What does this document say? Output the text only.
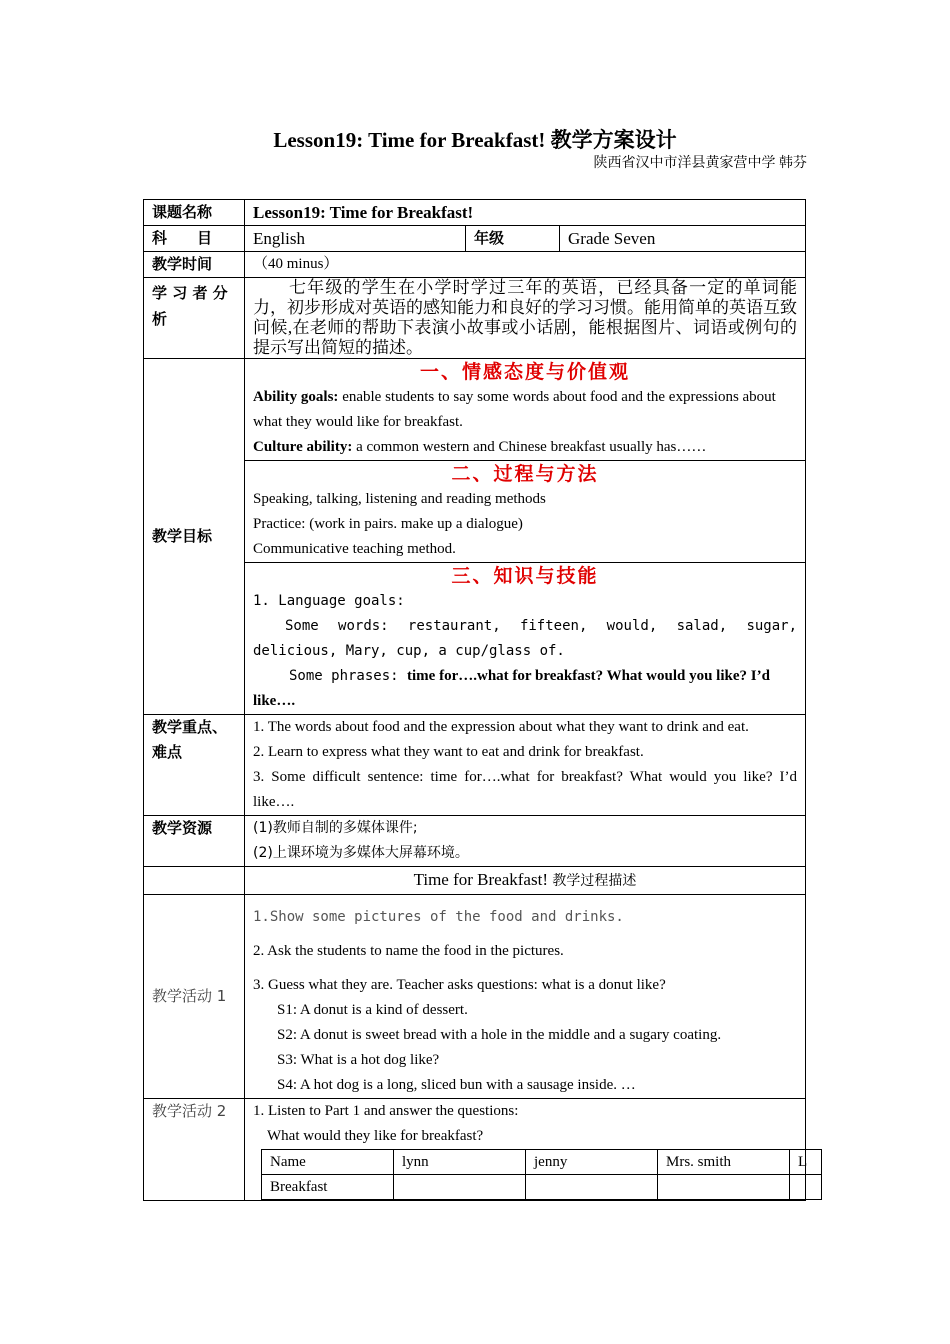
Lesson19: Time for Breakfast! 教学方案设计
陕西省汉中市洋县黄家营中学 韩芬
课题名称	Lesson19: Time for Breakfast!
科　　目	English	年级	Grade Seven
教学时间	（40 minus）
学 习 者 分 析	七年级的学生在小学时学过三年的英语，已经具备一定的单词能力，初步形成对英语的感知能力和良好的学习习惯。能用简单的英语互致问候,在老师的帮助下表演小故事或小话剧，能根据图片、词语或例句的提示写出简短的描述。
教学目标	
一、情感态度与价值观
Ability goals: enable students to say some words about food and the expressions about what they would like for breakfast.
Culture ability: a common western and Chinese breakfast usually has……

二、过程与方法
Speaking, talking, listening and reading methods
Practice: (work in pairs. make up a dialogue)
Communicative teaching method.

三、知识与技能
1. Language goals:
Some words: restaurant, fifteen, would, salad, sugar, delicious, Mary, cup, a cup/glass of.
Some phrases: time for….what for breakfast? What would you like? I’d like….

教学重点、难点	
1. The words about food and the expression about what they want to drink and eat.
2. Learn to express what they want to eat and drink for breakfast.
3. Some difficult sentence: time for….what for breakfast? What would you like? I’d like….

教学资源	(1)教师自制的多媒体课件;
(2)上课环境为多媒体大屏幕环境。

	Time for Breakfast! 教学过程描述
教学活动 1	
1.Show some pictures of the food and drinks.
2. Ask the students to name the food in the pictures.
3. Guess what they are. Teacher asks questions: what is a donut like?
S1: A donut is a kind of dessert.
S2: A donut is sweet bread with a hole in the middle and a sugary coating.
S3: What is a hot dog like?
S4: A hot dog is a long, sliced bun with a sausage inside. …

教学活动 2	1. Listen to Part 1 and answer the questions:
What would they like for breakfast?
Name	lynn	jenny	Mrs. smith	L
Breakfast				
